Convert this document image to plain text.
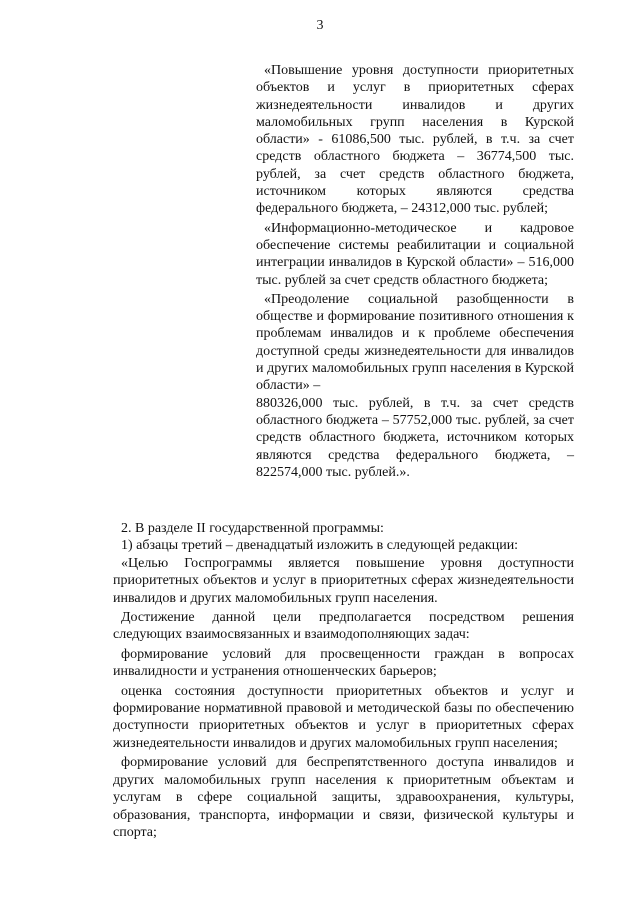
3

«Повышение уровня доступности приоритетных объектов и услуг в приоритетных сферах жизнедеятельности инвалидов и других маломобильных групп населения в Курской области» - 61086,500 тыс. рублей, в т.ч. за счет средств областного бюджета – 36774,500 тыс. рублей, за счет средств областного бюджета, источником которых являются средства федерального бюджета, – 24312,000 тыс. рублей;

«Информационно-методическое и кадровое обеспечение системы реабилитации и социальной интеграции инвалидов в Курской области» – 516,000 тыс. рублей за счет средств областного бюджета;

«Преодоление социальной разобщенности в обществе и формирование позитивного отношения к проблемам инвалидов и к проблеме обеспечения доступной среды жизнедеятельности для инвалидов и других маломобильных групп населения в Курской области» –

880326,000 тыс. рублей, в т.ч. за счет средств областного бюджета – 57752,000 тыс. рублей, за счет средств областного бюджета, источником которых являются средства федерального бюджета, – 822574,000 тыс. рублей.».

2. В разделе II государственной программы:

1) абзацы третий – двенадцатый изложить в следующей редакции:

«Целью Госпрограммы является повышение уровня доступности приоритетных объектов и услуг в приоритетных сферах жизнедеятельности инвалидов и других маломобильных групп населения.

Достижение данной цели предполагается посредством решения следующих взаимосвязанных и взаимодополняющих задач:

формирование условий для просвещенности граждан в вопросах инвалидности и устранения отношенческих барьеров;

оценка состояния доступности приоритетных объектов и услуг и формирование нормативной правовой и методической базы по обеспечению доступности приоритетных объектов и услуг в приоритетных сферах жизнедеятельности инвалидов и других маломобильных групп населения;

формирование условий для беспрепятственного доступа инвалидов и других маломобильных групп населения к приоритетным объектам и услугам в сфере социальной защиты, здравоохранения, культуры, образования, транспорта, информации и связи, физической культуры и спорта;
